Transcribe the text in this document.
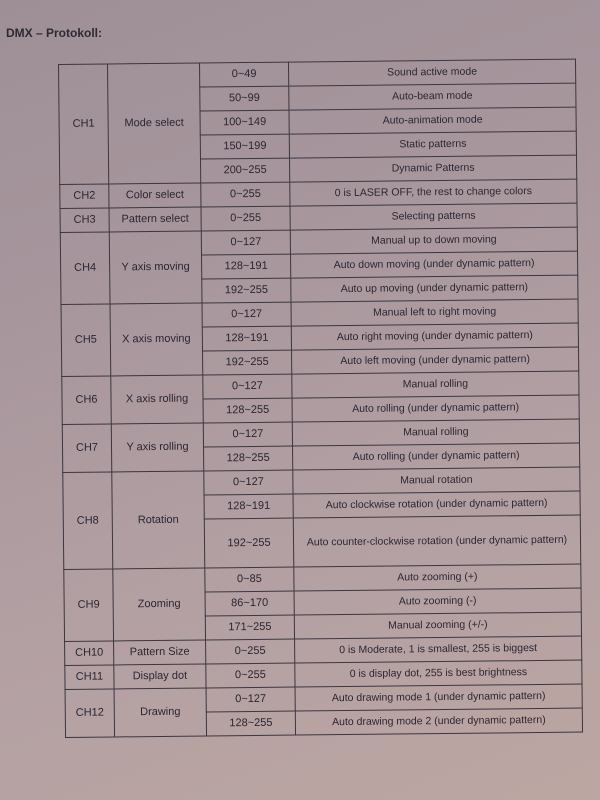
DMX – Protokoll:
CH1	Mode select	0~49	Sound active mode
		50~99	Auto-beam mode
		100~149	Auto-animation mode
		150~199	Static patterns
		200~255	Dynamic Patterns
CH2	Color select	0~255	0 is LASER OFF, the rest to change colors
CH3	Pattern select	0~255	Selecting patterns
CH4	Y axis moving	0~127	Manual up to down moving
		128~191	Auto down moving (under dynamic pattern)
		192~255	Auto up moving (under dynamic pattern)
CH5	X axis moving	0~127	Manual left to right moving
		128~191	Auto right moving (under dynamic pattern)
		192~255	Auto left moving (under dynamic pattern)
CH6	X axis rolling	0~127	Manual rolling
		128~255	Auto rolling (under dynamic pattern)
CH7	Y axis rolling	0~127	Manual rolling
		128~255	Auto rolling (under dynamic pattern)
CH8	Rotation	0~127	Manual rotation
		128~191	Auto clockwise rotation (under dynamic pattern)
		192~255	Auto counter-clockwise rotation (under dynamic pattern)
CH9	Zooming	0~85	Auto zooming (+)
		86~170	Auto zooming (-)
		171~255	Manual zooming (+/-)
CH10	Pattern Size	0~255	0 is Moderate, 1 is smallest, 255 is biggest
CH11	Display dot	0~255	0 is display dot, 255 is best brightness
CH12	Drawing	0~127	Auto drawing mode 1 (under dynamic pattern)
		128~255	Auto drawing mode 2 (under dynamic pattern)
